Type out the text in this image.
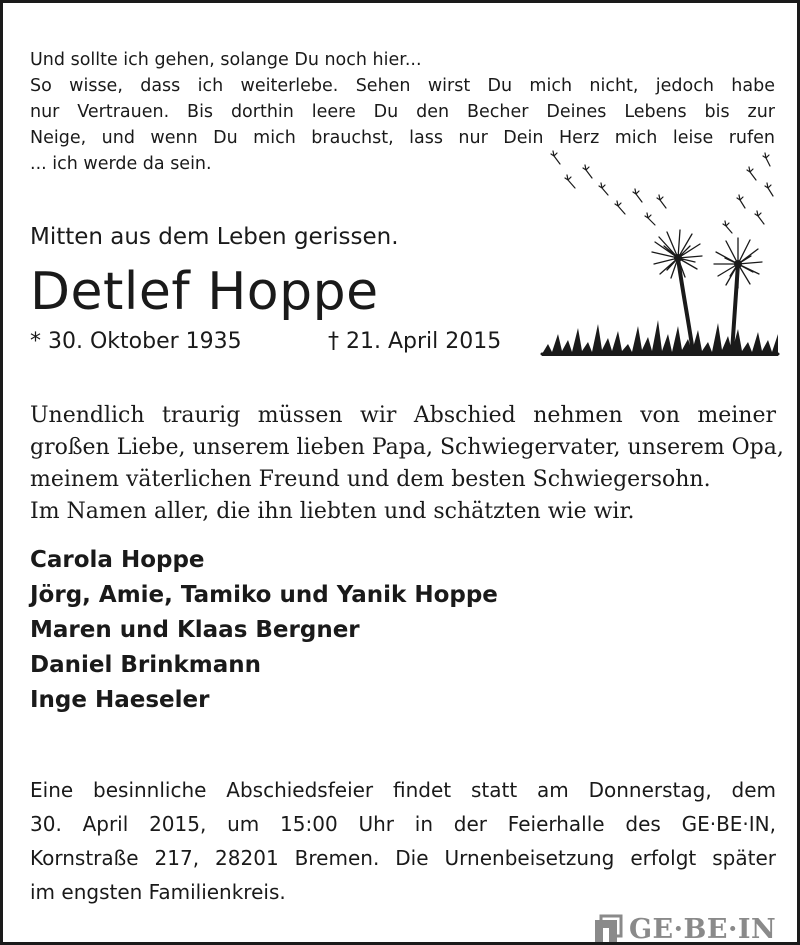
Und sollte ich gehen, solange Du noch hier...
So wisse, dass ich weiterlebe. Sehen wirst Du mich nicht, jedoch habe
nur Vertrauen. Bis dorthin leere Du den Becher Deines Lebens bis zur
Neige, und wenn Du mich brauchst, lass nur Dein Herz mich leise rufen
... ich werde da sein.
Mitten aus dem Leben gerissen.
Detlef Hoppe
* 30. Oktober 1935	† 21. April 2015
Unendlich traurig müssen wir Abschied nehmen von meiner
großen Liebe, unserem lieben Papa, Schwiegervater, unserem Opa,
meinem väterlichen Freund und dem besten Schwiegersohn.
Im Namen aller, die ihn liebten und schätzten wie wir.
Carola Hoppe
Jörg, Amie, Tamiko und Yanik Hoppe
Maren und Klaas Bergner
Daniel Brinkmann
Inge Haeseler
Eine besinnliche Abschiedsfeier findet statt am Donnerstag, dem
30. April 2015, um 15:00 Uhr in der Feierhalle des GE·BE·IN,
Kornstraße 217, 28201 Bremen. Die Urnenbeisetzung erfolgt später
im engsten Familienkreis.
GE·BE·IN
